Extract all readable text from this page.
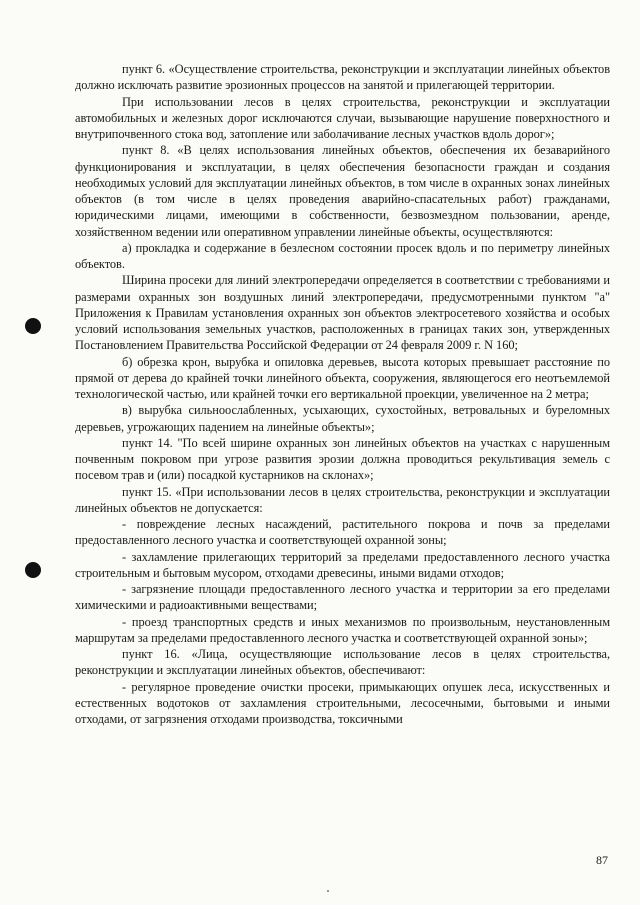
пункт 6. «Осуществление строительства, реконструкции и эксплуатации линейных объектов должно исключать развитие эрозионных процессов на занятой и прилегающей территории.

При использовании лесов в целях строительства, реконструкции и эксплуатации автомобильных и железных дорог исключаются случаи, вызывающие нарушение поверхностного и внутрипочвенного стока вод, затопление или заболачивание лесных участков вдоль дорог»;

пункт 8. «В целях использования линейных объектов, обеспечения их безаварийного функционирования и эксплуатации, в целях обеспечения безопасности граждан и создания необходимых условий для эксплуатации линейных объектов, в том числе в охранных зонах линейных объектов (в том числе в целях проведения аварийно-спасательных работ) гражданами, юридическими лицами, имеющими в собственности, безвозмездном пользовании, аренде, хозяйственном ведении или оперативном управлении линейные объекты, осуществляются:

а) прокладка и содержание в безлесном состоянии просек вдоль и по периметру линейных объектов.

Ширина просеки для линий электропередачи определяется в соответствии с требованиями и размерами охранных зон воздушных линий электропередачи, предусмотренными пунктом "а" Приложения к Правилам установления охранных зон объектов электросетевого хозяйства и особых условий использования земельных участков, расположенных в границах таких зон, утвержденных Постановлением Правительства Российской Федерации от 24 февраля 2009 г. N 160;

б) обрезка крон, вырубка и опиловка деревьев, высота которых превышает расстояние по прямой от дерева до крайней точки линейного объекта, сооружения, являющегося его неотъемлемой технологической частью, или крайней точки его вертикальной проекции, увеличенное на 2 метра;

в) вырубка сильноослабленных, усыхающих, сухостойных, ветровальных и буреломных деревьев, угрожающих падением на линейные объекты»;

пункт 14. "По всей ширине охранных зон линейных объектов на участках с нарушенным почвенным покровом при угрозе развития эрозии должна проводиться рекультивация земель с посевом трав и (или) посадкой кустарников на склонах»;

пункт 15. «При использовании лесов в целях строительства, реконструкции и эксплуатации линейных объектов не допускается:

- повреждение лесных насаждений, растительного покрова и почв за пределами предоставленного лесного участка и соответствующей охранной зоны;

- захламление прилегающих территорий за пределами предоставленного лесного участка строительным и бытовым мусором, отходами древесины, иными видами отходов;

- загрязнение площади предоставленного лесного участка и территории за его пределами химическими и радиоактивными веществами;

- проезд транспортных средств и иных механизмов по произвольным, неустановленным маршрутам за пределами предоставленного лесного участка и соответствующей охранной зоны»;

пункт 16. «Лица, осуществляющие использование лесов в целях строительства, реконструкции и эксплуатации линейных объектов, обеспечивают:

- регулярное проведение очистки просеки, примыкающих опушек леса, искусственных и естественных водотоков от захламления строительными, лесосечными, бытовыми и иными отходами, от загрязнения отходами производства, токсичными

87
